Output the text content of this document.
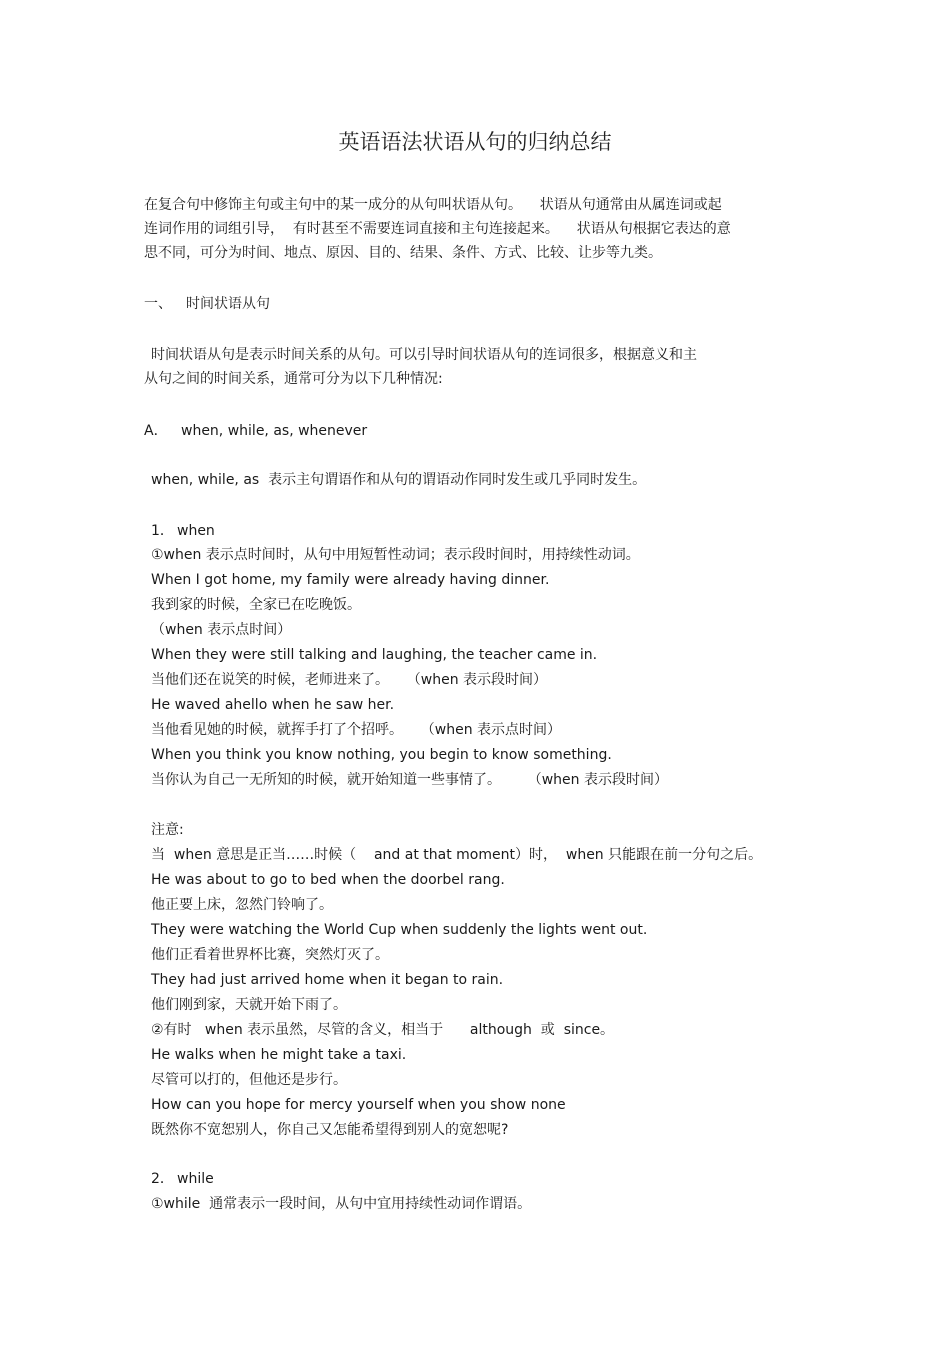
英语语法状语从句的归纳总结
在复合句中修饰主句或主句中的某一成分的从句叫状语从句。    状语从句通常由从属连词或起
连词作用的词组引导，  有时甚至不需要连词直接和主句连接起来。    状语从句根据它表达的意
思不同，可分为时间、地点、原因、目的、结果、条件、方式、比较、让步等九类。
一、 时间状语从句
时间状语从句是表示时间关系的从句。可以引导时间状语从句的连词很多，根据意义和主
从句之间的时间关系，通常可分为以下几种情况:
A． when, while, as, whenever
when, while, as  表示主句谓语作和从句的谓语动作同时发生或几乎同时发生。
1． when
①when 表示点时间时，从句中用短暂性动词；表示段时间时，用持续性动词。
When I got home, my family were already having dinner.
我到家的时候，全家已在吃晚饭。
（when 表示点时间）
When they were still talking and laughing, the teacher came in.
当他们还在说笑的时候，老师进来了。    （when 表示段时间）
He waved ahello when he saw her.
当他看见她的时候，就挥手打了个招呼。    （when 表示点时间）
When you think you know nothing, you begin to know something.
当你认为自己一无所知的时候，就开始知道一些事情了。      （when 表示段时间）
注意:
当  when 意思是正当……时候（    and at that moment）时，  when 只能跟在前一分句之后。
He was about to go to bed when the doorbel rang.
他正要上床，忽然门铃响了。
They were watching the World Cup when suddenly the lights went out.
他们正看着世界杯比赛，突然灯灭了。
They had just arrived home when it began to rain.
他们刚到家，天就开始下雨了。
②有时   when 表示虽然，尽管的含义，相当于      although  或  since。
He walks when he might take a taxi.
尽管可以打的，但他还是步行。
How can you hope for mercy yourself when you show none
既然你不宽恕别人，你自己又怎能希望得到别人的宽恕呢?
2． while
①while  通常表示一段时间，从句中宜用持续性动词作谓语。
